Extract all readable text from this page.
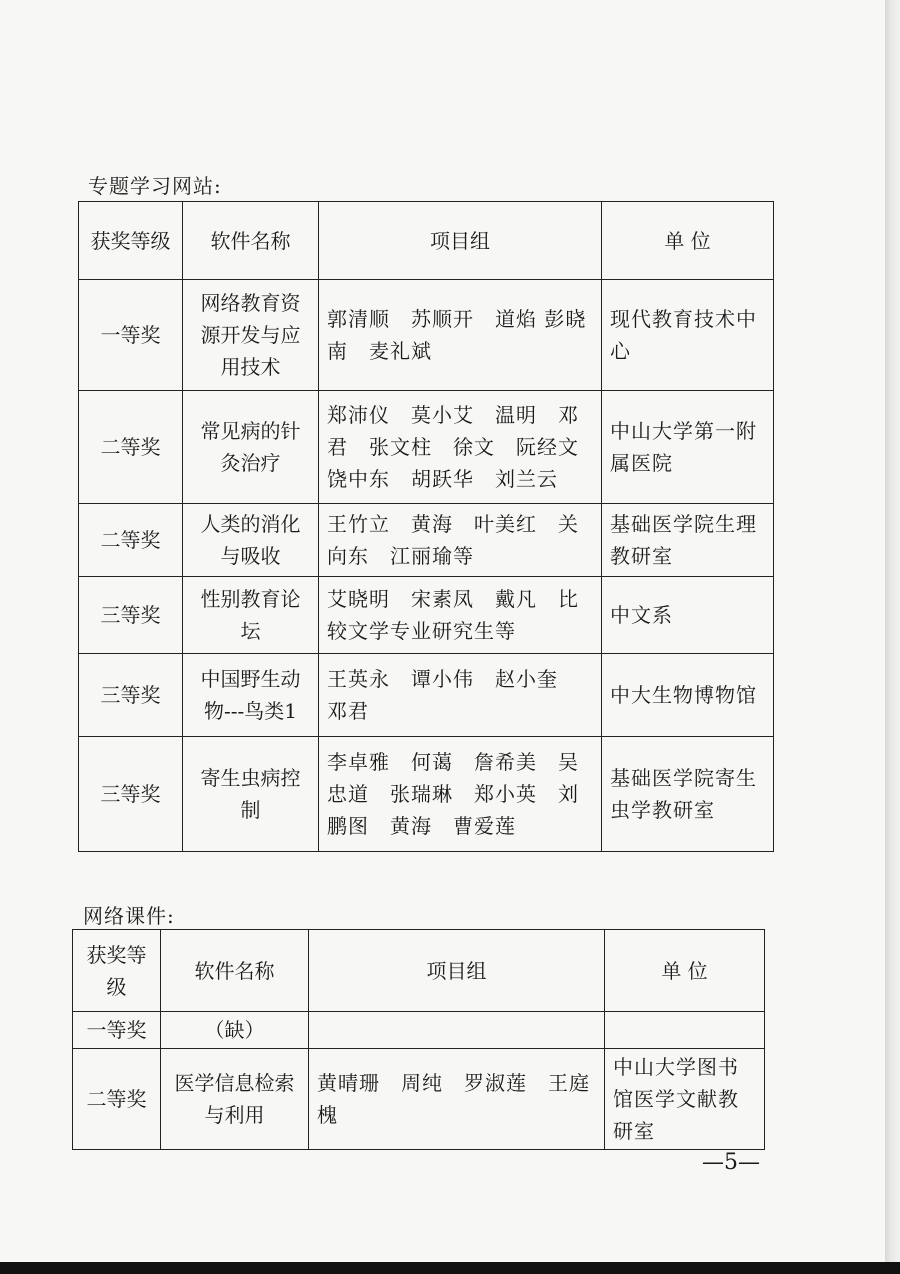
专题学习网站:
获奖等级	软件名称	项目组	单 位
一等奖	网络教育资源开发与应用技术	郭清顺　苏顺开　道焰 彭晓南　麦礼斌	现代教育技术中心
二等奖	常见病的针灸治疗	郑沛仪　莫小艾　温明　邓君　张文柱　徐文　阮经文　饶中东　胡跃华　刘兰云	中山大学第一附属医院
二等奖	人类的消化与吸收	王竹立　黄海　叶美红　关向东　江丽瑜等	基础医学院生理教研室
三等奖	性别教育论坛	艾晓明　宋素凤　戴凡　比较文学专业研究生等	中文系
三等奖	中国野生动物---鸟类1	王英永　谭小伟　赵小奎　邓君	中大生物博物馆
三等奖	寄生虫病控制	李卓雅　何蔼　詹希美　吴忠道　张瑞琳　郑小英　刘鹏图　黄海　曹爱莲	基础医学院寄生虫学教研室
网络课件:
获奖等级	软件名称	项目组	单 位
一等奖	（缺）		
二等奖	医学信息检索与利用	黄晴珊　周纯　罗淑莲　王庭槐	中山大学图书馆医学文献教研室
—5—
